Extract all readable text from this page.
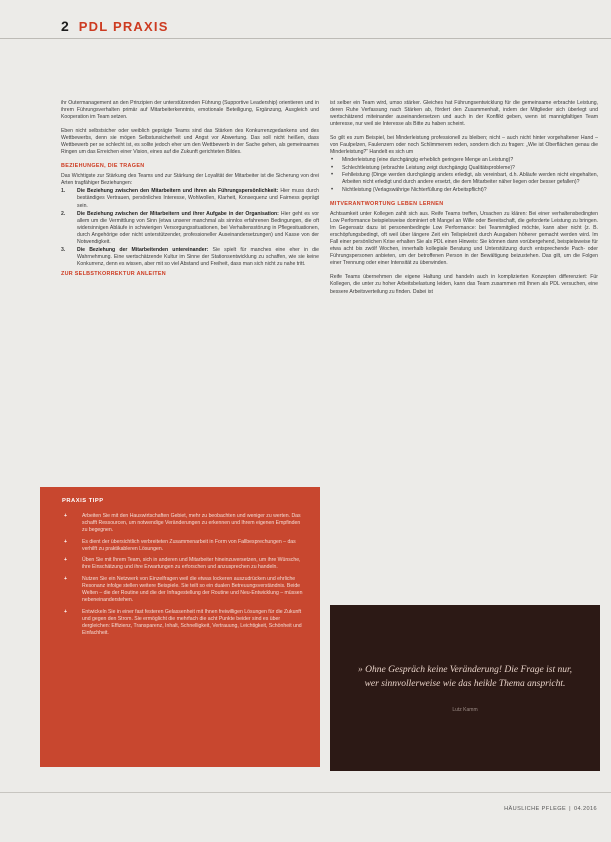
2 PDL PRAXIS

ihr Outermanagement an den Prinzipien der unterstützenden Führung (Supportive Leadership) orientieren und in ihrem Führungsverhalten primär auf Mitarbeiterkenntnis, emotionale Beteiligung, Ergänzung, Ausgleich und Kooperation im Team setzen.

Eben nicht selbstsicher oder weiblich geprägte Teams sind das Stärken des Konkurrenzgedankens und des Wettbewerbs, denn sie mögen Selbstunsicherheit und Angst vor Abwertung. Das soll nicht heißen, dass Wettbewerb per se schlecht ist, es sollte jedoch eher um den Wettbewerb in der Sache gehen, als gemeinsames Ringen um das Erreichen einer Vision, eines auf die Zukunft gerichteten Bildes.

BEZIEHUNGEN, DIE TRAGEN

Das Wichtigste zur Stärkung des Teams und zur Stärkung der Loyalität der Mitarbeiter ist die Sicherung von drei Arten tragfähiger Beziehungen:

1. Die Beziehung zwischen den Mitarbeitern und ihren als Führungspersönlichkeit: Hier muss durch beständiges Vertrauen, persönliches Interesse, Wohlwollen, Klarheit, Konsequenz und Fairness geprägt sein.
2. Die Beziehung zwischen der Mitarbeitern und ihrer Aufgabe in der Organisation: Hier geht es vor allem um die Vermittlung von Sinn (etwa unserer manchmal als sinnlos erfahrenen Bedingungen, die oft widersinnigen Abläufe in schwierigen Versorgungssituationen, bei Verhaltensstörung in Pflegesituationen, durch Angehörige oder nicht unterstützender, professioneller Auseinandersetzungen) und Kasse von der Notwendigkeit.
3. Die Beziehung der Mitarbeitenden untereinander: Sie spielt für manches eine eher in die Wahrnehmung. Eine wertschätzende Kultur im Sinne der Stationsentwicklung zu schaffen, wie sie keine Konkurrenz, denn es wissen, aber mit so viel Abstand und Freiheit, dass man sich nicht zu nahe tritt.
ZUR SELBSTKORREKTUR ANLEITEN
PRAXIS TIPP
+ Arbeiten Sie mit den Hauswirtschaften Gebiet, mehr zu beobachten und weniger zu werten. Das schafft Ressourcen, um notwendige Veränderungen zu erkennen und Ihrem eigenen Empfinden zu begegnen.
+ Es dient der übersichtlich verbreiteten Zusammenarbeit in Form von Fallbesprechungen – das verhilft zu praktikableren Lösungen.
+ Üben Sie mit Ihrem Team, sich in anderen und Mitarbeiter hineinzuversetzen, um ihre Wünsche, ihre Einschätzung und ihre Erwartungen zu erforschen und anzusprechen zu handeln.
+ Nutzen Sie ein Netzwerk von Einzelfragen weil die etwas lockeren auszudrücken und ehrliche Resonanz infolge stellen weitere Beispiele. Sie teilt so ein dualen Betreuungsverständnis. Beide Welten – die der Routine und die der Infragestellung der Routine und Neu-Entwicklung – müssen nebeneinanderstehen.
+ Entwickeln Sie in einer fast festeren Gelassenheit mit Ihnen freiwilligen Lösungen für die Zukunft und gegen den Strom. Sie ermöglicht die mehrfach die acht Punkte beider sind es über dergleichen: Effizienz, Transparenz, Inhalt, Schnelligkeit, Vertrauung, Leichtigkeit, Schönheit und Einfachheit.

ist selber ein Team wird, umso stärker. Gleiches hat Führungsentwicklung für die gemeinsame erbrachte Leistung, deren Ruhe Verfassung nach Stärken ab, fördert den Zusammenhalt, indem der Mitglieder sich überlegt und wertschätzend miteinander auseinandersetzen und auch in der Konflikt geben, wenn ist mannigfaltigen Team unteresse, nur weil sie Interesse als Bitte zu haben scheint.

So gilt es zum Beispiel, bei Minderleistung professionell zu bleiben; nicht – auch nicht hinter vorgehaltener Hand – von Faulpelzen, Faulenzern oder noch Schlimmerem reden, sondern dich zu fragen: „Wie ist Oberflächen genau die Minderleistung?“ Handelt es sich um

• Minderleistung (eine durchgängig erheblich geringere Menge an Leistung)?
• Schlechtleistung (erbrachte Leistung zeigt durchgängig Qualitätsprobleme)?
• Fehlleistung (Dinge werden durchgängig anders erledigt, als vereinbart, d.h. Abläufe werden nicht eingehalten, Arbeiten nicht erledigt und durch andere ersetzt, die dem Mitarbeiter näher liegen oder besser gefallen)?
• Nichtleistung (Verlagswährige Nichterfüllung der Arbeitspflicht)?
MITVERANTWORTUNG LEBEN LERNEN

Achtsamkeit unter Kollegen zahlt sich aus. Reife Teams treffen, Ursachen zu klären: Bei einer verhaltensbedingten Low Performance beispielsweise dominiert oft Mangel an Wille oder Bereitschaft, die geforderte Leistung zu bringen. Im Gegensatz dazu ist personenbedingte Low Performance: bei Teammitglied möchte, kann aber nicht (z. B. erschöpfungsbedingt, oft weil über längere Zeit ein Teilspielzeit durch Ausgaben höherer gemacht werden wird. Im Fall einer persönlichen Krise erhalten Sie als PDL einen Hinweis: Sie können dann vorübergehend, beispielsweise für etwa acht bis zwölf Wochen, innerhalb kollegiale Beratung und Unterstützung durch entsprechende Pach- oder Führungspersonen anbieten, um der betroffenen Person in der Bewältigung beizustehen. Das gilt, um die Folgen einer Trennung oder einer Intensität zu überwinden.

Reife Teams übernehmen die eigene Haltung und handeln auch in komplizierten Konzepten differenziert: Für Kollegen, die unter zu hoher Arbeitsbelastung leiden, kann das Team zusammen mit Ihnen als PDL versuchen, eine bessere Arbeitsverteilung zu finden. Dabei ist

» Ohne Gespräch keine Veränderung! Die Frage ist nur, wer sinnvollerweise wie das heikle Thema anspricht.
Lutz Kamm
HÄUSLICHE PFLEGE | 04.2016
